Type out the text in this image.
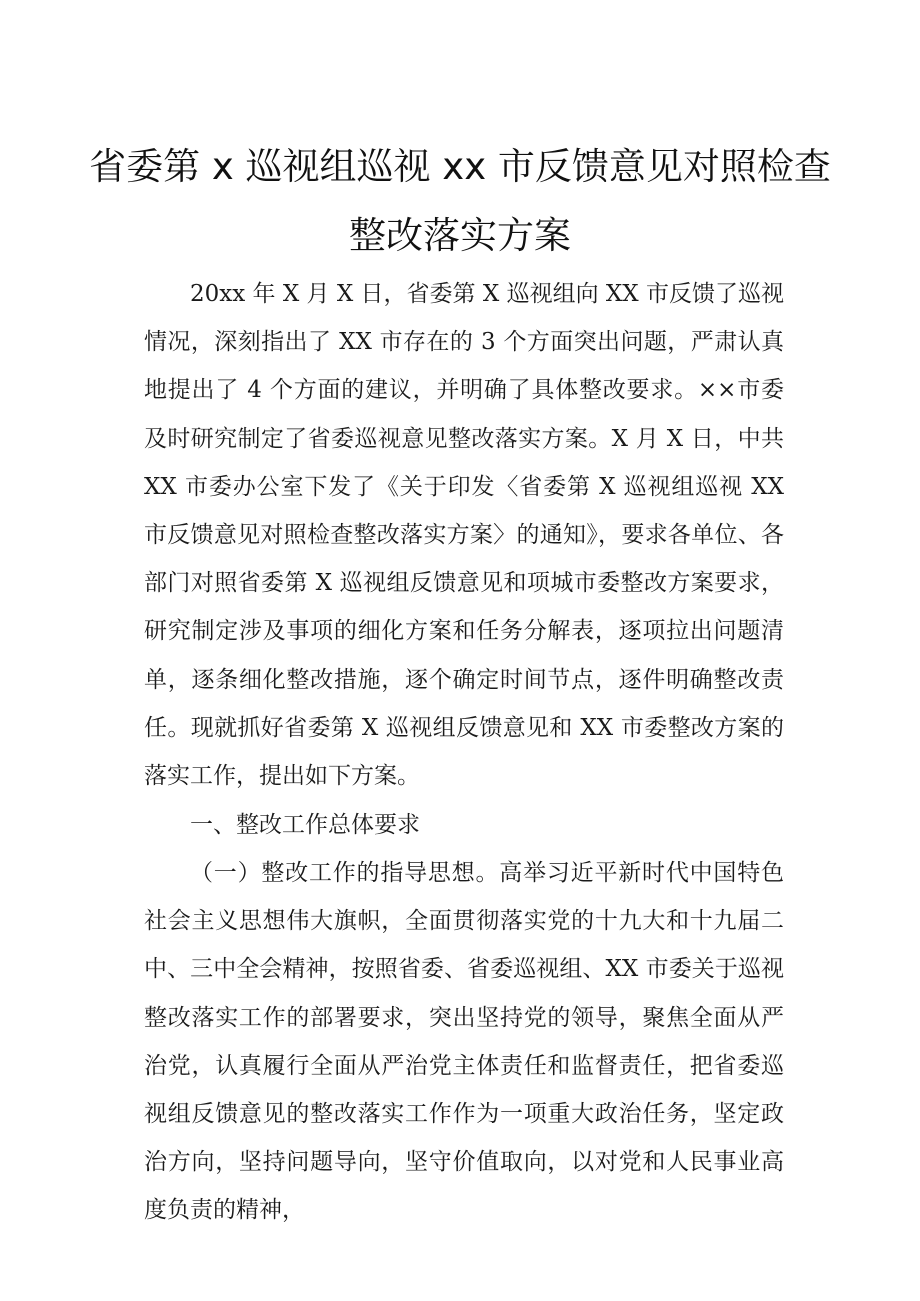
省委第 x 巡视组巡视 xx 市反馈意见对照检查
整改落实方案

20xx 年 X 月 X 日，省委第 X 巡视组向 XX 市反馈了巡视情况，深刻指出了 XX 市存在的 3 个方面突出问题，严肃认真地提出了 4 个方面的建议，并明确了具体整改要求。××市委及时研究制定了省委巡视意见整改落实方案。X 月 X 日，中共 XX 市委办公室下发了《关于印发〈省委第 X 巡视组巡视 XX 市反馈意见对照检查整改落实方案〉的通知》，要求各单位、各部门对照省委第 X 巡视组反馈意见和项城市委整改方案要求，研究制定涉及事项的细化方案和任务分解表，逐项拉出问题清单，逐条细化整改措施，逐个确定时间节点，逐件明确整改责任。现就抓好省委第 X 巡视组反馈意见和 XX 市委整改方案的落实工作，提出如下方案。

一、整改工作总体要求

（一）整改工作的指导思想。高举习近平新时代中国特色社会主义思想伟大旗帜，全面贯彻落实党的十九大和十九届二中、三中全会精神，按照省委、省委巡视组、XX 市委关于巡视整改落实工作的部署要求，突出坚持党的领导，聚焦全面从严治党，认真履行全面从严治党主体责任和监督责任，把省委巡视组反馈意见的整改落实工作作为一项重大政治任务，坚定政治方向，坚持问题导向，坚守价值取向，以对党和人民事业高度负责的精神，
